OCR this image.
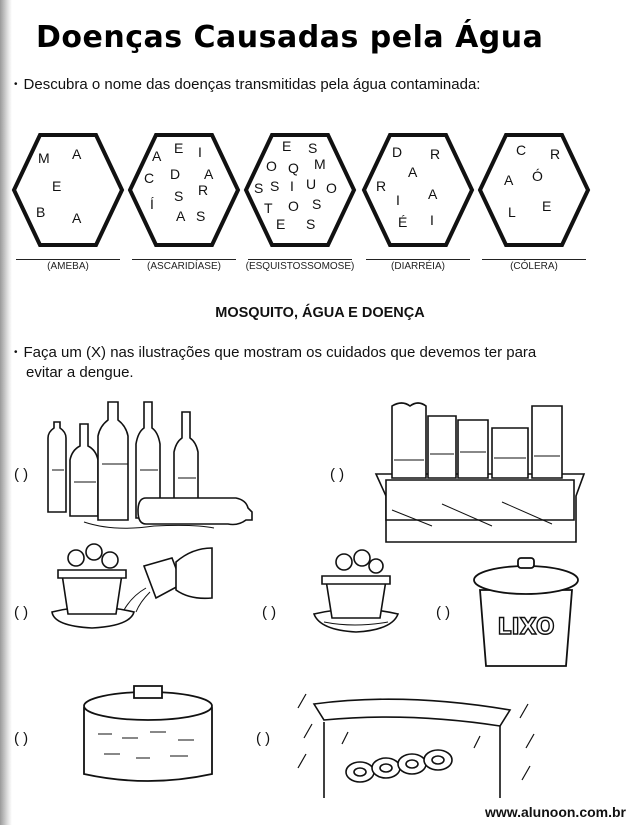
Doenças Causadas pela Água
• Descubra o nome das doenças transmitidas pela água contaminada:
M A
E
B A
(AMEBA)
A E I
C D A
S R
Í
A S
(ASCARIDÍASE)
E S
O Q M
S S I U O
T O S
E S
(ESQUISTOSSOMOSE)
D R
A
R	A
I
É I
(DIARRÉIA)
C R
A Ó
L E
(CÓLERA)
MOSQUITO, ÁGUA E DOENÇA
• Faça um (X) nas ilustrações que mostram os cuidados que devemos ter para
evitar a dengue.
( )	( )
( )	( )	( )
( )	( )
LIXO
www.alunoon.com.br
